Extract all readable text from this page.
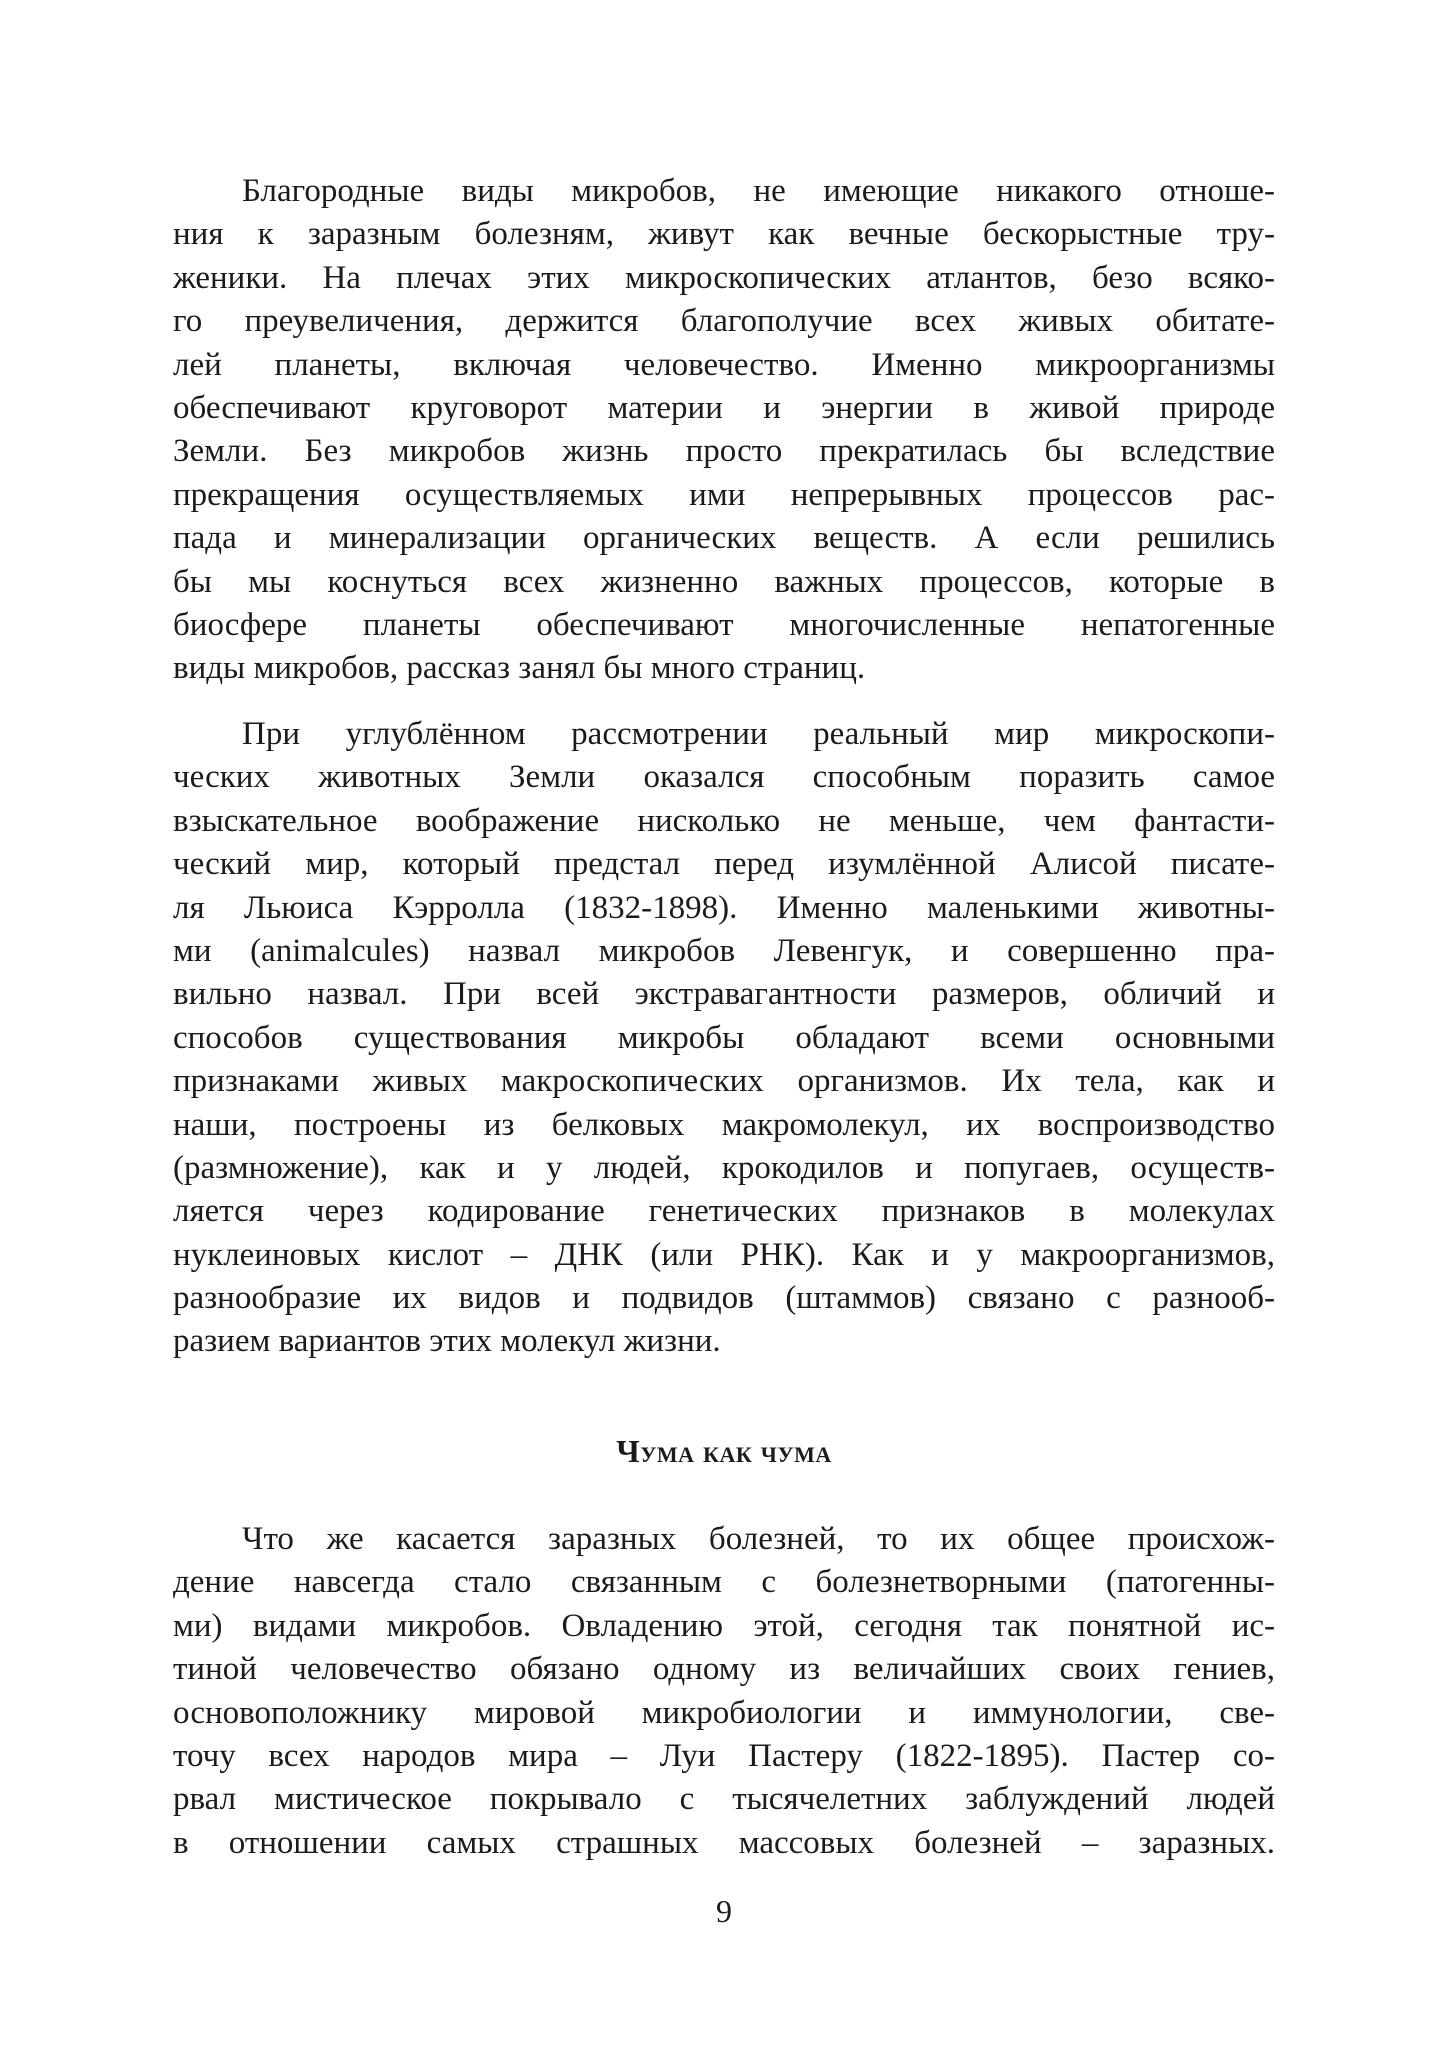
Благородные виды микробов, не имеющие никакого отноше-
ния к заразным болезням, живут как вечные бескорыстные тру-
женики. На плечах этих микроскопических атлантов, безо всяко-
го преувеличения, держится благополучие всех живых обитате-
лей планеты, включая человечество. Именно микроорганизмы
обеспечивают круговорот материи и энергии в живой природе
Земли. Без микробов жизнь просто прекратилась бы вследствие
прекращения осуществляемых ими непрерывных процессов рас-
пада и минерализации органических веществ. А если решились
бы мы коснуться всех жизненно важных процессов, которые в
биосфере планеты обеспечивают многочисленные непатогенные
виды микробов, рассказ занял бы много страниц.
При углублённом рассмотрении реальный мир микроскопи-
ческих животных Земли оказался способным поразить самое
взыскательное воображение нисколько не меньше, чем фантасти-
ческий мир, который предстал перед изумлённой Алисой писате-
ля Льюиса Кэрролла (1832-1898). Именно маленькими животны-
ми (animalcules) назвал микробов Левенгук, и совершенно пра-
вильно назвал. При всей экстравагантности размеров, обличий и
способов существования микробы обладают всеми основными
признаками живых макроскопических организмов. Их тела, как и
наши, построены из белковых макромолекул, их воспроизводство
(размножение), как и у людей, крокодилов и попугаев, осуществ-
ляется через кодирование генетических признаков в молекулах
нуклеиновых кислот – ДНК (или РНК). Как и у макроорганизмов,
разнообразие их видов и подвидов (штаммов) связано с разнооб-
разием вариантов этих молекул жизни.
Чума как чума
Что же касается заразных болезней, то их общее происхож-
дение навсегда стало связанным с болезнетворными (патогенны-
ми) видами микробов. Овладению этой, сегодня так понятной ис-
тиной человечество обязано одному из величайших своих гениев,
основоположнику мировой микробиологии и иммунологии, све-
точу всех народов мира – Луи Пастеру (1822-1895). Пастер со-
рвал мистическое покрывало с тысячелетних заблуждений людей
в отношении самых страшных массовых болезней – заразных.
9
